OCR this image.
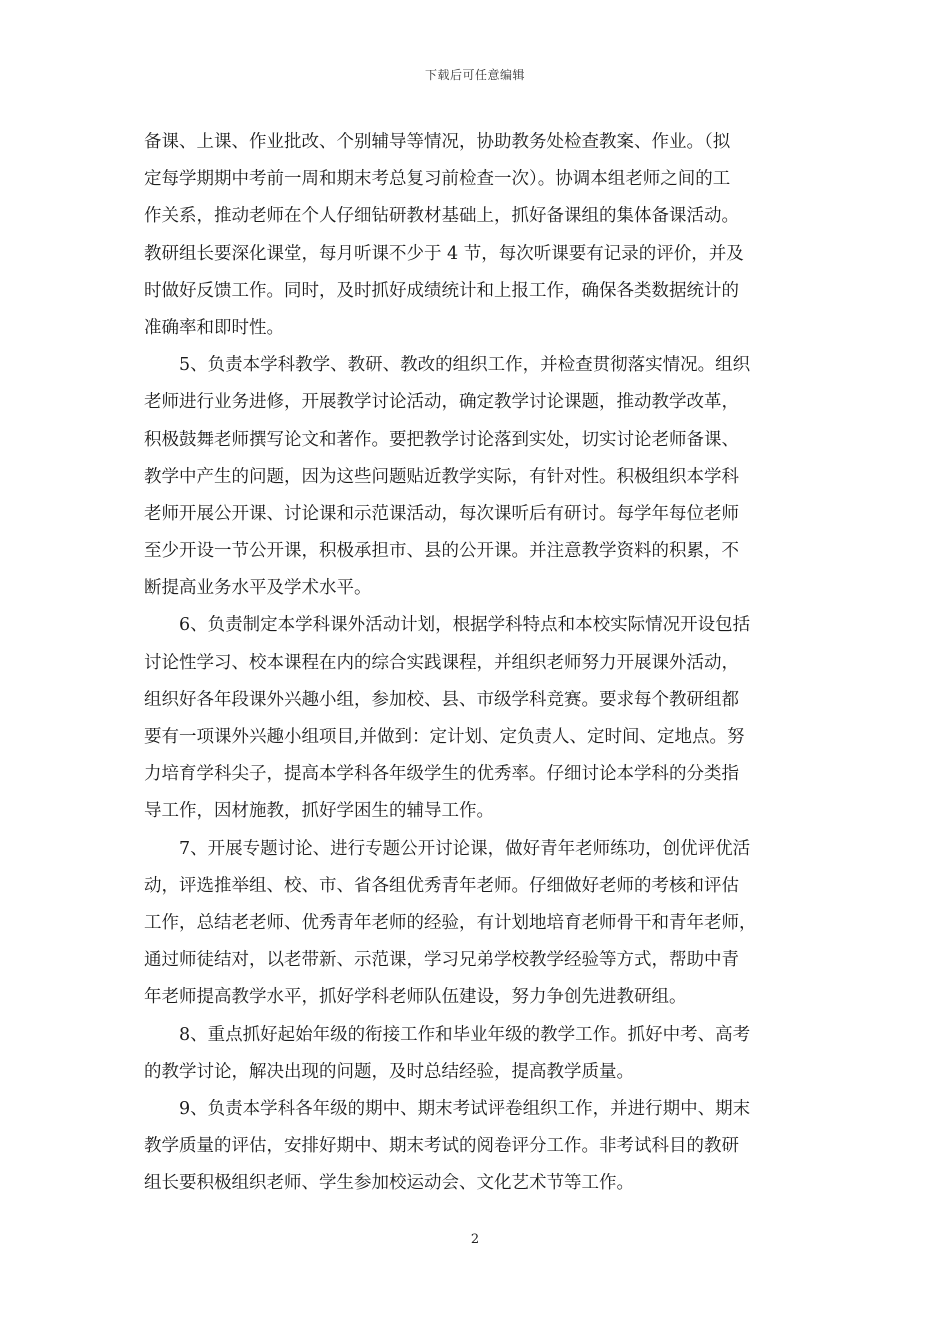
下载后可任意编辑
备课、上课、作业批改、个别辅导等情况，协助教务处检查教案、作业。（拟
定每学期期中考前一周和期末考总复习前检查一次）。协调本组老师之间的工
作关系，推动老师在个人仔细钻研教材基础上，抓好备课组的集体备课活动。
教研组长要深化课堂，每月听课不少于 4 节，每次听课要有记录的评价，并及
时做好反馈工作。同时，及时抓好成绩统计和上报工作，确保各类数据统计的
准确率和即时性。
5、负责本学科教学、教研、教改的组织工作，并检查贯彻落实情况。组织
老师进行业务进修，开展教学讨论活动，确定教学讨论课题，推动教学改革，
积极鼓舞老师撰写论文和著作。要把教学讨论落到实处，切实讨论老师备课、
教学中产生的问题，因为这些问题贴近教学实际，有针对性。积极组织本学科
老师开展公开课、讨论课和示范课活动，每次课听后有研讨。每学年每位老师
至少开设一节公开课，积极承担市、县的公开课。并注意教学资料的积累，不
断提高业务水平及学术水平。
6、负责制定本学科课外活动计划，根据学科特点和本校实际情况开设包括
讨论性学习、校本课程在内的综合实践课程，并组织老师努力开展课外活动，
组织好各年段课外兴趣小组，参加校、县、市级学科竞赛。要求每个教研组都
要有一项课外兴趣小组项目,并做到：定计划、定负责人、定时间、定地点。努
力培育学科尖子，提高本学科各年级学生的优秀率。仔细讨论本学科的分类指
导工作，因材施教，抓好学困生的辅导工作。
7、开展专题讨论、进行专题公开讨论课，做好青年老师练功，创优评优活
动，评选推举组、校、市、省各组优秀青年老师。仔细做好老师的考核和评估
工作，总结老老师、优秀青年老师的经验，有计划地培育老师骨干和青年老师，
通过师徒结对，以老带新、示范课，学习兄弟学校教学经验等方式，帮助中青
年老师提高教学水平，抓好学科老师队伍建设，努力争创先进教研组。
8、重点抓好起始年级的衔接工作和毕业年级的教学工作。抓好中考、高考
的教学讨论，解决出现的问题，及时总结经验，提高教学质量。
9、负责本学科各年级的期中、期末考试评卷组织工作，并进行期中、期末
教学质量的评估，安排好期中、期末考试的阅卷评分工作。非考试科目的教研
组长要积极组织老师、学生参加校运动会、文化艺术节等工作。
2
